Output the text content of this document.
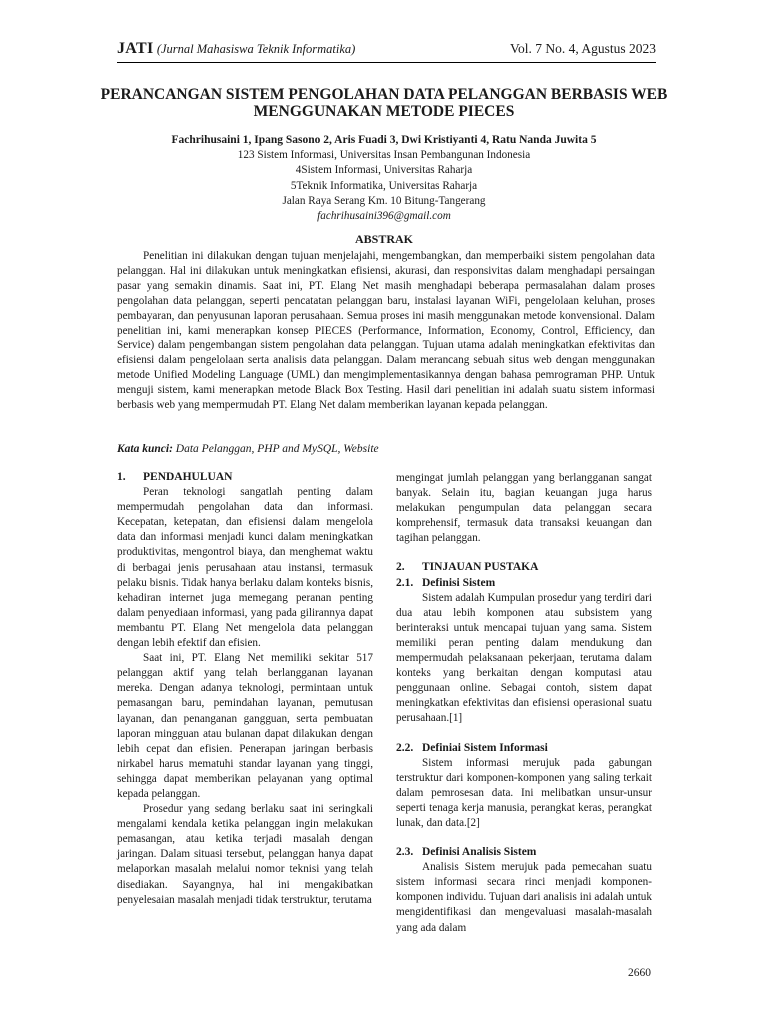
JATI (Jurnal Mahasiswa Teknik Informatika)	Vol. 7 No. 4, Agustus 2023
PERANCANGAN SISTEM PENGOLAHAN DATA PELANGGAN BERBASIS WEB MENGGUNAKAN METODE PIECES
Fachrihusaini 1, Ipang Sasono 2, Aris Fuadi 3, Dwi Kristiyanti 4, Ratu Nanda Juwita 5
123 Sistem Informasi, Universitas Insan Pembangunan Indonesia
4Sistem Informasi, Universitas Raharja
5Teknik Informatika, Universitas Raharja
Jalan Raya Serang Km. 10 Bitung-Tangerang
fachrihusaini396@gmail.com
ABSTRAK

Penelitian ini dilakukan dengan tujuan menjelajahi, mengembangkan, dan memperbaiki sistem pengolahan data pelanggan. Hal ini dilakukan untuk meningkatkan efisiensi, akurasi, dan responsivitas dalam menghadapi persaingan pasar yang semakin dinamis. Saat ini, PT. Elang Net masih menghadapi beberapa permasalahan dalam proses pengolahan data pelanggan, seperti pencatatan pelanggan baru, instalasi layanan WiFi, pengelolaan keluhan, proses pembayaran, dan penyusunan laporan perusahaan. Semua proses ini masih menggunakan metode konvensional. Dalam penelitian ini, kami menerapkan konsep PIECES (Performance, Information, Economy, Control, Efficiency, dan Service) dalam pengembangan sistem pengolahan data pelanggan. Tujuan utama adalah meningkatkan efektivitas dan efisiensi dalam pengelolaan serta analisis data pelanggan. Dalam merancang sebuah situs web dengan menggunakan metode Unified Modeling Language (UML) dan mengimplementasikannya dengan bahasa pemrograman PHP. Untuk menguji sistem, kami menerapkan metode Black Box Testing. Hasil dari penelitian ini adalah suatu sistem informasi berbasis web yang mempermudah PT. Elang Net dalam memberikan layanan kepada pelanggan.

Kata kunci: Data Pelanggan, PHP and MySQL, Website
1.	PENDAHULUAN

Peran teknologi sangatlah penting dalam mempermudah pengolahan data dan informasi. Kecepatan, ketepatan, dan efisiensi dalam mengelola data dan informasi menjadi kunci dalam meningkatkan produktivitas, mengontrol biaya, dan menghemat waktu di berbagai jenis perusahaan atau instansi, termasuk pelaku bisnis. Tidak hanya berlaku dalam konteks bisnis, kehadiran internet juga memegang peranan penting dalam penyediaan informasi, yang pada gilirannya dapat membantu PT. Elang Net mengelola data pelanggan dengan lebih efektif dan efisien.

Saat ini, PT. Elang Net memiliki sekitar 517 pelanggan aktif yang telah berlangganan layanan mereka. Dengan adanya teknologi, permintaan untuk pemasangan baru, pemindahan layanan, pemutusan layanan, dan penanganan gangguan, serta pembuatan laporan mingguan atau bulanan dapat dilakukan dengan lebih cepat dan efisien. Penerapan jaringan berbasis nirkabel harus mematuhi standar layanan yang tinggi, sehingga dapat memberikan pelayanan yang optimal kepada pelanggan.

Prosedur yang sedang berlaku saat ini seringkali mengalami kendala ketika pelanggan ingin melakukan pemasangan, atau ketika terjadi masalah dengan jaringan. Dalam situasi tersebut, pelanggan hanya dapat melaporkan masalah melalui nomor teknisi yang telah disediakan. Sayangnya, hal ini mengakibatkan penyelesaian masalah menjadi tidak terstruktur, terutama

mengingat jumlah pelanggan yang berlangganan sangat banyak. Selain itu, bagian keuangan juga harus melakukan pengumpulan data pelanggan secara komprehensif, termasuk data transaksi keuangan dan tagihan pelanggan.

2.	TINJAUAN PUSTAKA
2.1. Definisi Sistem

Sistem adalah Kumpulan prosedur yang terdiri dari dua atau lebih komponen atau subsistem yang berinteraksi untuk mencapai tujuan yang sama. Sistem memiliki peran penting dalam mendukung dan mempermudah pelaksanaan pekerjaan, terutama dalam konteks yang berkaitan dengan komputasi atau penggunaan online. Sebagai contoh, sistem dapat meningkatkan efektivitas dan efisiensi operasional suatu perusahaan.[1]

2.2. Definiai Sistem Informasi

Sistem informasi merujuk pada gabungan terstruktur dari komponen-komponen yang saling terkait dalam pemrosesan data. Ini melibatkan unsur-unsur seperti tenaga kerja manusia, perangkat keras, perangkat lunak, dan data.[2]

2.3. Definisi Analisis Sistem

Analisis Sistem merujuk pada pemecahan suatu sistem informasi secara rinci menjadi komponen-komponen individu. Tujuan dari analisis ini adalah untuk mengidentifikasi dan mengevaluasi masalah-masalah yang ada dalam

2660
